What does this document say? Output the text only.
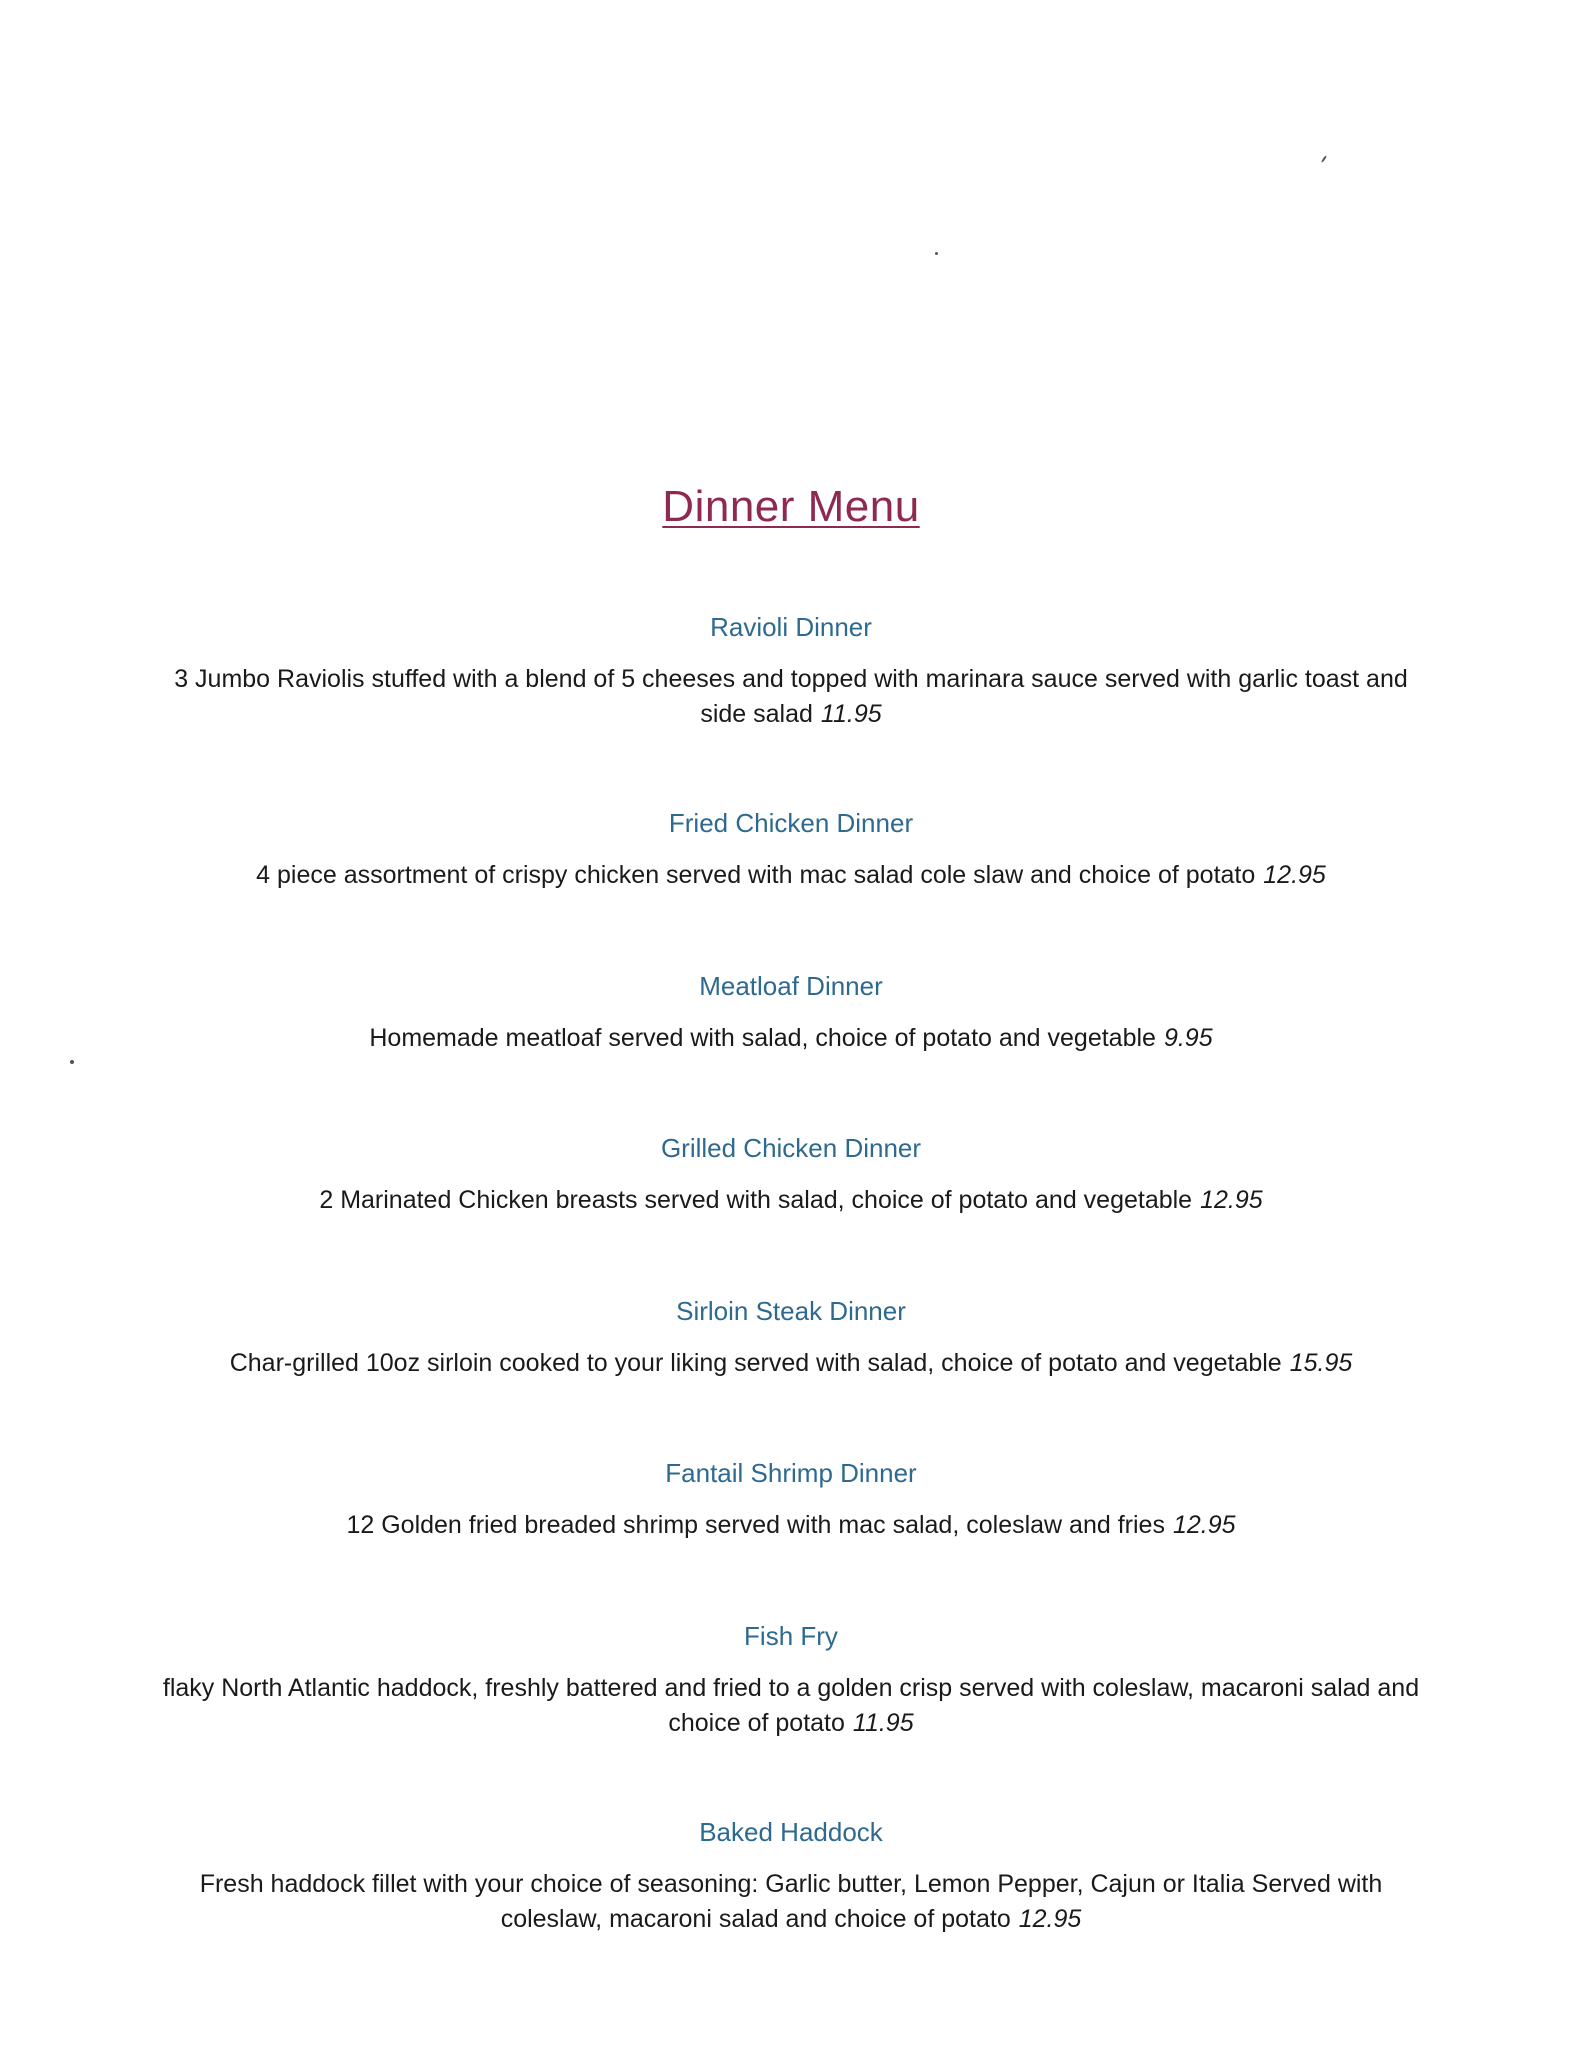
Dinner Menu
Ravioli Dinner

3 Jumbo Raviolis stuffed with a blend of 5 cheeses and topped with marinara sauce served with garlic toast and side salad 11.95

Fried Chicken Dinner

4 piece assortment of crispy chicken served with mac salad cole slaw and choice of potato 12.95

Meatloaf Dinner

Homemade meatloaf served with salad, choice of potato and vegetable 9.95

Grilled Chicken Dinner

2 Marinated Chicken breasts served with salad, choice of potato and vegetable 12.95

Sirloin Steak Dinner

Char-grilled 10oz sirloin cooked to your liking served with salad, choice of potato and vegetable 15.95

Fantail Shrimp Dinner

12 Golden fried breaded shrimp served with mac salad, coleslaw and fries 12.95

Fish Fry

flaky North Atlantic haddock, freshly battered and fried to a golden crisp served with coleslaw, macaroni salad and choice of potato 11.95

Baked Haddock

Fresh haddock fillet with your choice of seasoning: Garlic butter, Lemon Pepper, Cajun or Italia Served with coleslaw, macaroni salad and choice of potato 12.95
